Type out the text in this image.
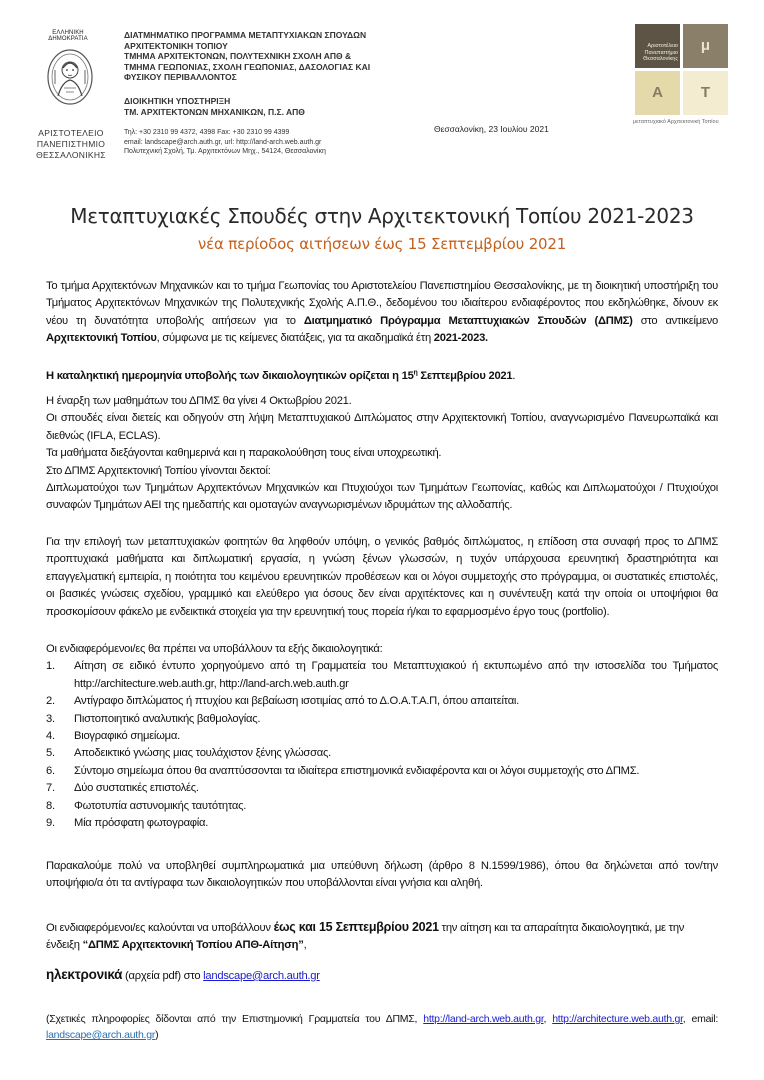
ΕΛΛΗΝΙΚΗ ΔΗΜΟΚΡΑΤΙΑ
ΑΡΙΣΤΟΤΕΛΕΙΟ
ΠΑΝΕΠΙΣΤΗΜΙΟ
ΘΕΣΣΑΛΟΝΙΚΗΣ
ΔΙΑΤΜΗΜΑΤΙΚΟ ΠΡΟΓΡΑΜΜΑ ΜΕΤΑΠΤΥΧΙΑΚΩΝ ΣΠΟΥΔΩΝ
ΑΡΧΙΤΕΚΤΟΝΙΚΗ ΤΟΠΙΟΥ
ΤΜΗΜΑ ΑΡΧΙΤΕΚΤΟΝΩΝ, ΠΟΛΥΤΕΧΝΙΚΗ ΣΧΟΛΗ ΑΠΘ &
ΤΜΗΜΑ ΓΕΩΠΟΝΙΑΣ, ΣΧΟΛΗ ΓΕΩΠΟΝΙΑΣ, ΔΑΣΟΛΟΓΙΑΣ ΚΑΙ
ΦΥΣΙΚΟΥ ΠΕΡΙΒΑΛΛΟΝΤΟΣ
ΔΙΟΙΚΗΤΙΚΗ ΥΠΟΣΤΗΡΙΞΗ
ΤΜ. ΑΡΧΙΤΕΚΤΟΝΩΝ ΜΗΧΑΝΙΚΩΝ, Π.Σ. ΑΠΘ
Τηλ: +30 2310 99 4372, 4398 Fax: +30 2310 99 4399
email: landscape@arch.auth.gr, url: http://land-arch.web.auth.gr
Πολυτεχνική Σχολή, Τμ. Αρχιτεκτόνων Μηχ., 54124, Θεσσαλονίκη
Θεσσαλονίκη, 23 Ιουλίου 2021
Αριστοτέλειο
Πανεπιστήμιο
Θεσσαλονίκης
μ
Α	Τ
μεταπτυχιακό Αρχιτεκτονική Τοπίου
Μεταπτυχιακές Σπουδές στην Αρχιτεκτονική Τοπίου 2021-2023
νέα περίοδος αιτήσεων έως 15 Σεπτεμβρίου 2021
Το τμήμα Αρχιτεκτόνων Μηχανικών και το τμήμα Γεωπονίας του Αριστοτελείου Πανεπιστημίου Θεσσαλονίκης, με τη διοικητική υποστήριξη του Τμήματος Αρχιτεκτόνων Μηχανικών της Πολυτεχνικής Σχολής Α.Π.Θ., δεδομένου του ιδιαίτερου ενδιαφέροντος που εκδηλώθηκε, δίνουν εκ νέου τη δυνατότητα υποβολής αιτήσεων για το Διατμηματικό Πρόγραμμα Μεταπτυχιακών Σπουδών (ΔΠΜΣ) στο αντικείμενο Αρχιτεκτονική Τοπίου, σύμφωνα με τις κείμενες διατάξεις, για τα ακαδημαϊκά έτη 2021-2023.
Η καταληκτική ημερομηνία υποβολής των δικαιολογητικών ορίζεται η $15^\eta$ Σεπτεμβρίου 2021.

Η έναρξη των μαθημάτων του ΔΠΜΣ θα γίνει 4 Οκτωβρίου 2021.

Οι σπουδές είναι διετείς και οδηγούν στη λήψη Μεταπτυχιακού Διπλώματος στην Αρχιτεκτονική Τοπίου, αναγνωρισμένο Πανευρωπαϊκά και διεθνώς (IFLA, ECLAS).

Τα μαθήματα διεξάγονται καθημερινά και η παρακολούθηση τους είναι υποχρεωτική.

Στο ΔΠΜΣ Αρχιτεκτονική Τοπίου γίνονται δεκτοί:

Διπλωματούχοι των Τμημάτων Αρχιτεκτόνων Μηχανικών και Πτυχιούχοι των Τμημάτων Γεωπονίας, καθώς και Διπλωματούχοι / Πτυχιούχοι συναφών Τμημάτων ΑΕΙ της ημεδαπής και ομοταγών αναγνωρισμένων ιδρυμάτων της αλλοδαπής.

Για την επιλογή των μεταπτυχιακών φοιτητών θα ληφθούν υπόψη, ο γενικός βαθμός διπλώματος, η επίδοση στα συναφή προς το ΔΠΜΣ προπτυχιακά μαθήματα και διπλωματική εργασία, η γνώση ξένων γλωσσών, η τυχόν υπάρχουσα ερευνητική δραστηριότητα και επαγγελματική εμπειρία, η ποιότητα του κειμένου ερευνητικών προθέσεων και οι λόγοι συμμετοχής στο πρόγραμμα, οι συστατικές επιστολές, οι βασικές γνώσεις σχεδίου, γραμμικό και ελεύθερο για όσους δεν είναι αρχιτέκτονες και η συνέντευξη κατά την οποία οι υποψήφιοι θα προσκομίσουν φάκελο με ενδεικτικά στοιχεία για την ερευνητική τους πορεία ή/και το εφαρμοσμένο έργο τους (portfolio).

Οι ενδιαφερόμενοι/ες θα πρέπει να υποβάλλουν τα εξής δικαιολογητικά:

1. Αίτηση σε ειδικό έντυπο χορηγούμενο από τη Γραμματεία του Μεταπτυχιακού ή εκτυπωμένο από την ιστοσελίδα του Τμήματος http://architecture.web.auth.gr, http://land-arch.web.auth.gr
2. Αντίγραφο διπλώματος ή πτυχίου και βεβαίωση ισοτιμίας από το Δ.Ο.Α.Τ.Α.Π, όπου απαιτείται.
3. Πιστοποιητικό αναλυτικής βαθμολογίας.
4. Βιογραφικό σημείωμα.
5. Αποδεικτικό γνώσης μιας τουλάχιστον ξένης γλώσσας.
6. Σύντομο σημείωμα όπου θα αναπτύσσονται τα ιδιαίτερα επιστημονικά ενδιαφέροντα και οι λόγοι συμμετοχής στο ΔΠΜΣ.
7. Δύο συστατικές επιστολές.
8. Φωτοτυπία αστυνομικής ταυτότητας.
9. Μία πρόσφατη φωτογραφία.
Παρακαλούμε πολύ να υποβληθεί συμπληρωματικά μια υπεύθυνη δήλωση (άρθρο 8 Ν.1599/1986), όπου θα δηλώνεται από τον/την υποψήφιο/α ότι τα αντίγραφα των δικαιολογητικών που υποβάλλονται είναι γνήσια και αληθή.
Οι ενδιαφερόμενοι/ες καλούνται να υποβάλλουν έως και 15 Σεπτεμβρίου 2021 την αίτηση και τα απαραίτητα δικαιολογητικά, με την ένδειξη “ΔΠΜΣ Αρχιτεκτονική Τοπίου ΑΠΘ-Αίτηση”,
ηλεκτρονικά (αρχεία pdf) στο landscape@arch.auth.gr
(Σχετικές πληροφορίες δίδονται από την Επιστημονική Γραμματεία του ΔΠΜΣ, http://land-arch.web.auth.gr, http://architecture.web.auth.gr, email: landscape@arch.auth.gr)
